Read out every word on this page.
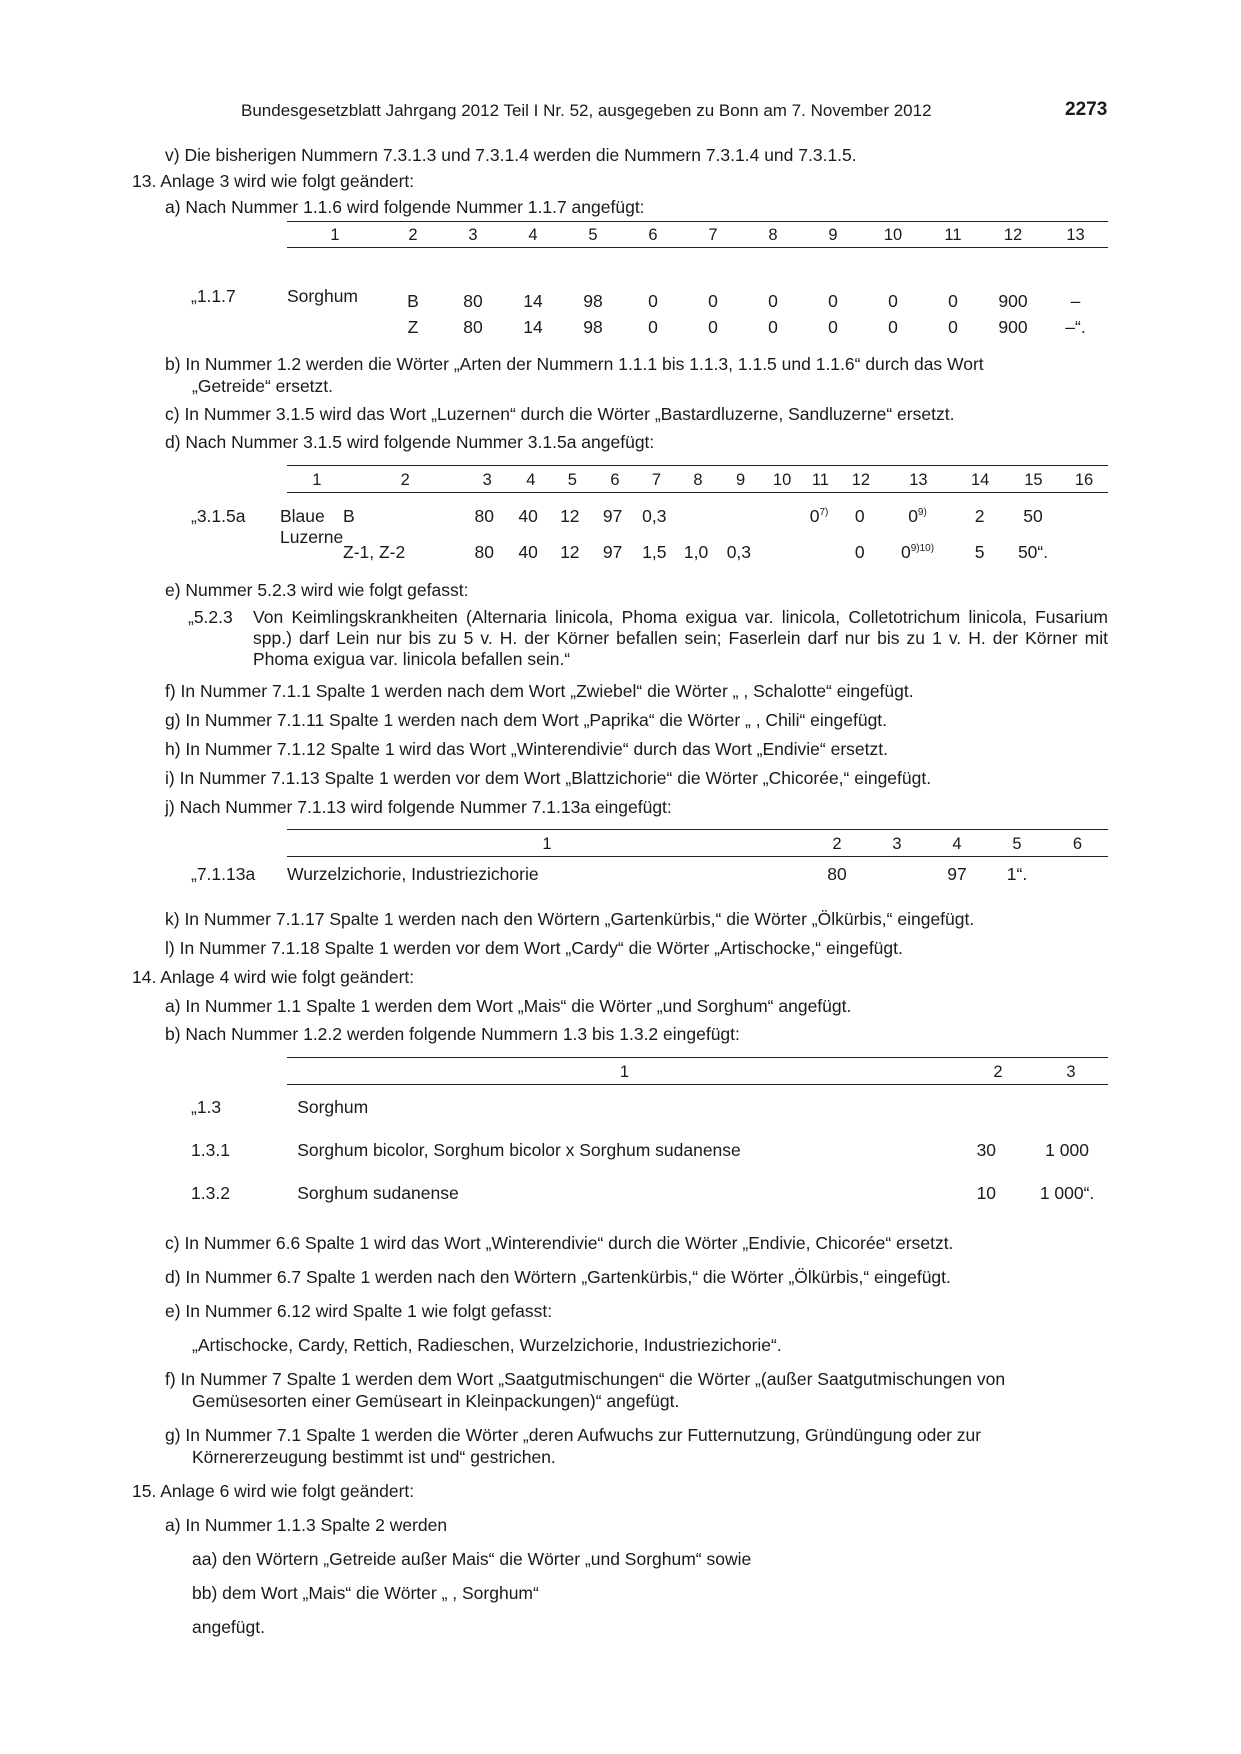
Bundesgesetzblatt Jahrgang 2012 Teil I Nr. 52, ausgegeben zu Bonn am 7. November 2012	2273
v) Die bisherigen Nummern 7.3.1.3 und 7.3.1.4 werden die Nummern 7.3.1.4 und 7.3.1.5.
13. Anlage 3 wird wie folgt geändert:
a) Nach Nummer 1.1.6 wird folgende Nummer 1.1.7 angefügt:
1	2	3	4	5	6	7	8	9	10	11	12	13
„1.1.7	Sorghum	B	80	14	98	0	0	0	0	0	0	900	–
Z	80	14	98	0	0	0	0	0	0	900	–“.
b) In Nummer 1.2 werden die Wörter „Arten der Nummern 1.1.1 bis 1.1.3, 1.1.5 und 1.1.6“ durch das Wort
„Getreide“ ersetzt.
c) In Nummer 3.1.5 wird das Wort „Luzernen“ durch die Wörter „Bastardluzerne, Sandluzerne“ ersetzt.
d) Nach Nummer 3.1.5 wird folgende Nummer 3.1.5a angefügt:
1	2	3	4	5	6	7	8	9	10	11	12	13	14	15	16
„3.1.5a Blaue
Luzerne
B	80	40	12	97	0,3				0$^{7)}$	0	0$^{9)}$	2	50	
Z-1, Z-2	80	40	12	97	1,5	1,0	0,3			0	$0^{9)10)}$	5	50“.	
e) Nummer 5.2.3 wird wie folgt gefasst:
„5.2.3 Von Keimlingskrankheiten (Alternaria linicola, Phoma exigua var. linicola, Colletotrichum linicola, Fusarium spp.) darf Lein nur bis zu 5 v. H. der Körner befallen sein; Faserlein darf nur bis zu 1 v. H. der Körner mit Phoma exigua var. linicola befallen sein.“
f) In Nummer 7.1.1 Spalte 1 werden nach dem Wort „Zwiebel“ die Wörter „ , Schalotte“ eingefügt.
g) In Nummer 7.1.11 Spalte 1 werden nach dem Wort „Paprika“ die Wörter „ , Chili“ eingefügt.
h) In Nummer 7.1.12 Spalte 1 wird das Wort „Winterendivie“ durch das Wort „Endivie“ ersetzt.
i) In Nummer 7.1.13 Spalte 1 werden vor dem Wort „Blattzichorie“ die Wörter „Chicorée,“ eingefügt.
j) Nach Nummer 7.1.13 wird folgende Nummer 7.1.13a eingefügt:
1	2	3	4	5	6
„7.1.13a Wurzelzichorie, Industriezichorie	80		97	1“.	
k) In Nummer 7.1.17 Spalte 1 werden nach den Wörtern „Gartenkürbis,“ die Wörter „Ölkürbis,“ eingefügt.
l) In Nummer 7.1.18 Spalte 1 werden vor dem Wort „Cardy“ die Wörter „Artischocke,“ eingefügt.
14. Anlage 4 wird wie folgt geändert:
a) In Nummer 1.1 Spalte 1 werden dem Wort „Mais“ die Wörter „und Sorghum“ angefügt.
b) Nach Nummer 1.2.2 werden folgende Nummern 1.3 bis 1.3.2 eingefügt:
1	2	3
„1.3	Sorghum		
1.3.1	Sorghum bicolor, Sorghum bicolor x Sorghum sudanense	30	1 000
1.3.2	Sorghum sudanense	10	1 000“.
c) In Nummer 6.6 Spalte 1 wird das Wort „Winterendivie“ durch die Wörter „Endivie, Chicorée“ ersetzt.
d) In Nummer 6.7 Spalte 1 werden nach den Wörtern „Gartenkürbis,“ die Wörter „Ölkürbis,“ eingefügt.
e) In Nummer 6.12 wird Spalte 1 wie folgt gefasst:
„Artischocke, Cardy, Rettich, Radieschen, Wurzelzichorie, Industriezichorie“.
f) In Nummer 7 Spalte 1 werden dem Wort „Saatgutmischungen“ die Wörter „(außer Saatgutmischungen von
Gemüsesorten einer Gemüseart in Kleinpackungen)“ angefügt.
g) In Nummer 7.1 Spalte 1 werden die Wörter „deren Aufwuchs zur Futternutzung, Gründüngung oder zur
Körnererzeugung bestimmt ist und“ gestrichen.
15. Anlage 6 wird wie folgt geändert:
a) In Nummer 1.1.3 Spalte 2 werden
aa) den Wörtern „Getreide außer Mais“ die Wörter „und Sorghum“ sowie
bb) dem Wort „Mais“ die Wörter „ , Sorghum“
angefügt.
